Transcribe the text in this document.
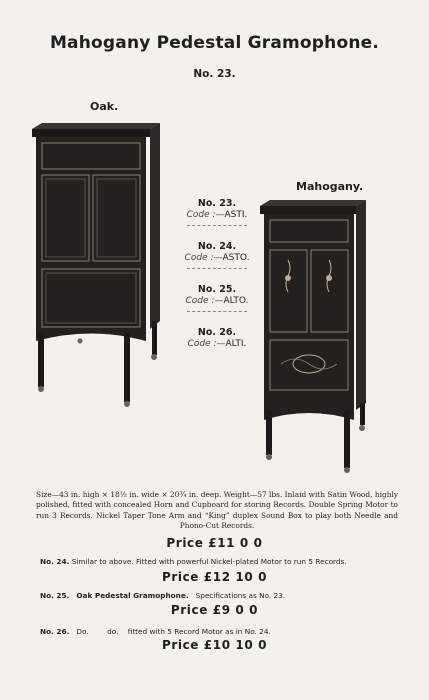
Mahogany Pedestal Gramophone.
No. 23.
Oak.
Mahogany.
No. 23.
Code :—ASTI.
No. 24.
Code :—ASTO.
No. 25.
Code :—ALTO.
No. 26.
Code :—ALTI.
Size—43 in. high × 18½ in. wide × 20¾ in. deep. Weight—57 lbs. Inlaid with Satin Wood, highly polished, fitted with concealed Horn and Cupboard for storing Records. Double Spring Motor to run 3 Records. Nickel Taper Tone Arm and “King” duplex Sound Box to play both Needle and Phono-Cut Records.
Price £11 0 0
No. 24. Similar to above. Fitted with powerful Nickel-plated Motor to run 5 Records.
Price £12 10 0
No. 25. Oak Pedestal Gramophone. Specifications as No. 23.
Price £9 0 0
No. 26. Do.        do.    fitted with 5 Record Motor as in No. 24.
Price £10 10 0
